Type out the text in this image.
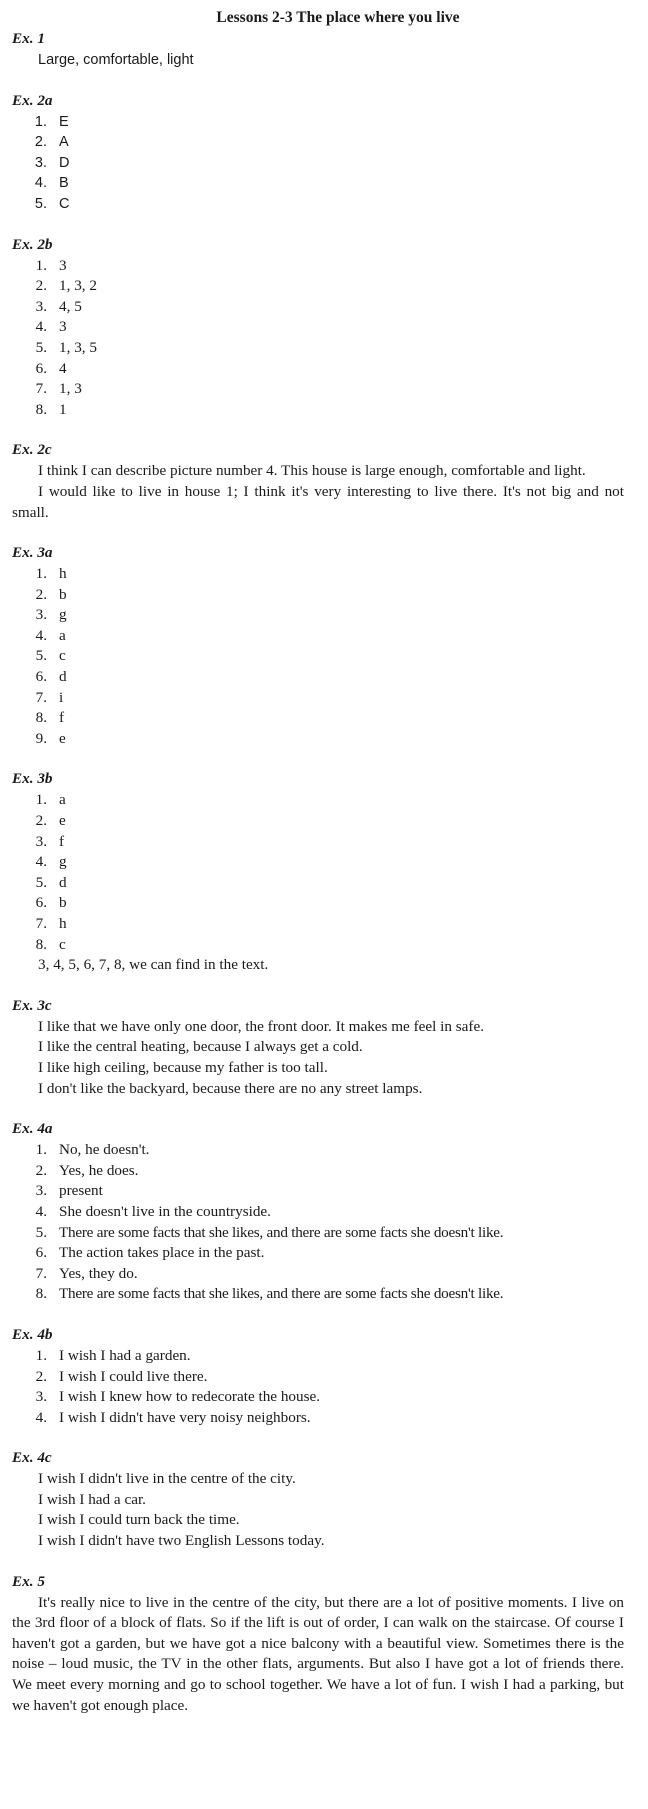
Lessons 2-3 The place where you live
Ex. 1
Large, comfortable, light
Ex. 2a
1. E
2. A
3. D
4. B
5. C
Ex. 2b
1. 3
2. 1, 3, 2
3. 4, 5
4. 3
5. 1, 3, 5
6. 4
7. 1, 3
8. 1
Ex. 2c

I think I can describe picture number 4. This house is large enough, comfortable and light.

I would like to live in house 1; I think it's very interesting to live there. It's not big and not small.

Ex. 3a
1. h
2. b
3. g
4. a
5. c
6. d
7. i
8. f
9. e
Ex. 3b
1. a
2. e
3. f
4. g
5. d
6. b
7. h
8. c
3, 4, 5, 6, 7, 8, we can find in the text.
Ex. 3c
I like that we have only one door, the front door. It makes me feel in safe.
I like the central heating, because I always get a cold.
I like high ceiling, because my father is too tall.
I don't like the backyard, because there are no any street lamps.
Ex. 4a
1. No, he doesn't.
2. Yes, he does.
3. present
4. She doesn't live in the countryside.
5. There are some facts that she likes, and there are some facts she doesn't like.
6. The action takes place in the past.
7. Yes, they do.
8. There are some facts that she likes, and there are some facts she doesn't like.
Ex. 4b
1. I wish I had a garden.
2. I wish I could live there.
3. I wish I knew how to redecorate the house.
4. I wish I didn't have very noisy neighbors.
Ex. 4c
I wish I didn't live in the centre of the city.
I wish I had a car.
I wish I could turn back the time.
I wish I didn't have two English Lessons today.
Ex. 5

It's really nice to live in the centre of the city, but there are a lot of positive moments. I live on the 3rd floor of a block of flats. So if the lift is out of order, I can walk on the staircase. Of course I haven't got a garden, but we have got a nice balcony with a beautiful view. Sometimes there is the noise – loud music, the TV in the other flats, arguments. But also I have got a lot of friends there. We meet every morning and go to school together. We have a lot of fun. I wish I had a parking, but we haven't got enough place.
